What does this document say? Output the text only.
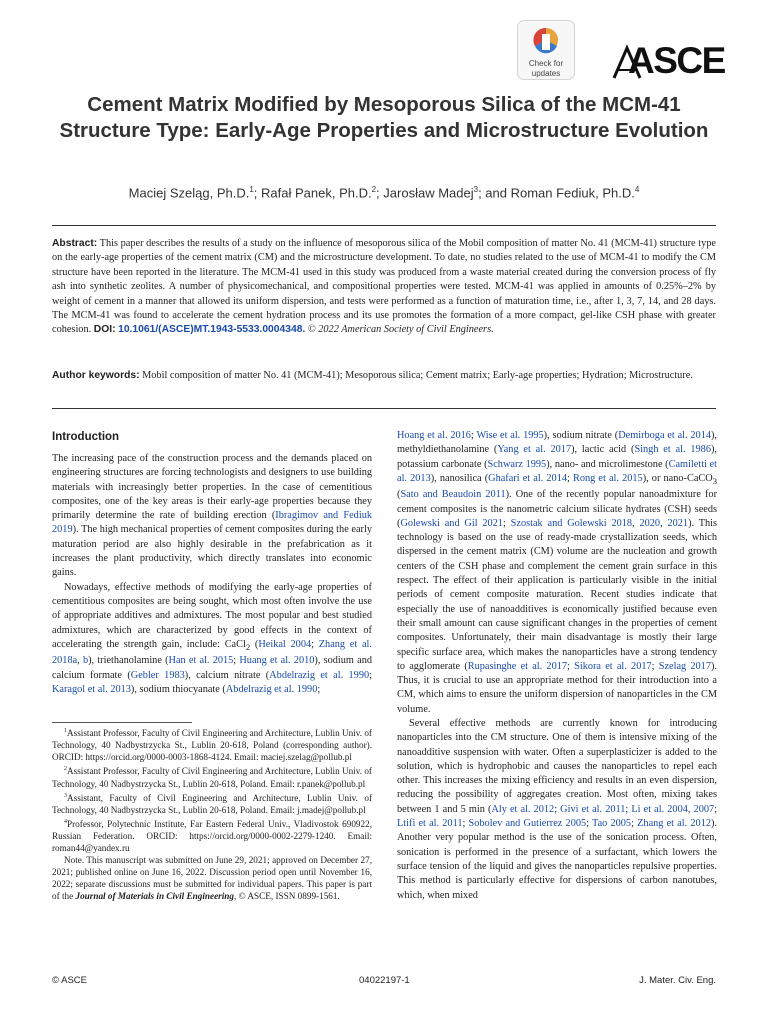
Check for
updates	ASCE
Cement Matrix Modified by Mesoporous Silica of the MCM-41 Structure Type: Early-Age Properties and Microstructure Evolution
Maciej Szeląg, Ph.D.$^1$; Rafał Panek, Ph.D.$^2$; Jarosław Madej$^3$; and Roman Fediuk, Ph.D.$^4$
Abstract: This paper describes the results of a study on the influence of mesoporous silica of the Mobil composition of matter No. 41 (MCM-41) structure type on the early-age properties of the cement matrix (CM) and the microstructure development. To date, no studies related to the use of MCM-41 to modify the CM structure have been reported in the literature. The MCM-41 used in this study was produced from a waste material created during the conversion process of fly ash into synthetic zeolites. A number of physicomechanical, and compositional properties were tested. MCM-41 was applied in amounts of 0.25%–2% by weight of cement in a manner that allowed its uniform dispersion, and tests were performed as a function of maturation time, i.e., after 1, 3, 7, 14, and 28 days. The MCM-41 was found to accelerate the cement hydration process and its use promotes the formation of a more compact, gel-like CSH phase with greater cohesion. DOI: 10.1061/(ASCE)MT.1943-5533.0004348. © 2022 American Society of Civil Engineers.
Author keywords: Mobil composition of matter No. 41 (MCM-41); Mesoporous silica; Cement matrix; Early-age properties; Hydration; Microstructure.
Introduction

The increasing pace of the construction process and the demands placed on engineering structures are forcing technologists and designers to use building materials with increasingly better properties. In the case of cementitious composites, one of the key areas is their early-age properties because they primarily determine the rate of building erection (Ibragimov and Fediuk 2019). The high mechanical properties of cement composites during the early maturation period are also highly desirable in the prefabrication as it increases the plant productivity, which directly translates into economic gains.

Nowadays, effective methods of modifying the early-age properties of cementitious composites are being sought, which most often involve the use of appropriate additives and admixtures. The most popular and best studied admixtures, which are characterized by good effects in the context of accelerating the strength gain, include: CaCl$_2$ (Heikal 2004; Zhang et al. 2018a, b), triethanolamine (Han et al. 2015; Huang et al. 2010), sodium and calcium formate (Gebler 1983), calcium nitrate (Abdelrazig et al. 1990; Karagol et al. 2013), sodium thiocyanate (Abdelrazig et al. 1990;

$^1$Assistant Professor, Faculty of Civil Engineering and Architecture, Lublin Univ. of Technology, 40 Nadbystrzycka St., Lublin 20-618, Poland (corresponding author). ORCID: https://orcid.org/0000-0003-1868-4124. Email: maciej.szelag@pollub.pl

$^2$Assistant Professor, Faculty of Civil Engineering and Architecture, Lublin Univ. of Technology, 40 Nadbystrzycka St., Lublin 20-618, Poland. Email: r.panek@pollub.pl

$^3$Assistant, Faculty of Civil Engineering and Architecture, Lublin Univ. of Technology, 40 Nadbystrzycka St., Lublin 20-618, Poland. Email: j.madej@pollub.pl

$^4$Professor, Polytechnic Institute, Far Eastern Federal Univ., Vladivostok 690922, Russian Federation. ORCID: https://orcid.org/0000-0002-2279-1240. Email: roman44@yandex.ru

Note. This manuscript was submitted on June 29, 2021; approved on December 27, 2021; published online on June 16, 2022. Discussion period open until November 16, 2022; separate discussions must be submitted for individual papers. This paper is part of the Journal of Materials in Civil Engineering, © ASCE, ISSN 0899-1561.

Hoang et al. 2016; Wise et al. 1995), sodium nitrate (Demirboga et al. 2014), methyldiethanolamine (Yang et al. 2017), lactic acid (Singh et al. 1986), potassium carbonate (Schwarz 1995), nano- and microlimestone (Camiletti et al. 2013), nanosilica (Ghafari et al. 2014; Rong et al. 2015), or nano-CaCO$_3$ (Sato and Beaudoin 2011). One of the recently popular nanoadmixture for cement composites is the nanometric calcium silicate hydrates (CSH) seeds (Golewski and Gil 2021; Szostak and Golewski 2018, 2020, 2021). This technology is based on the use of ready-made crystallization seeds, which dispersed in the cement matrix (CM) volume are the nucleation and growth centers of the CSH phase and complement the cement grain surface in this respect. The effect of their application is particularly visible in the initial periods of cement composite maturation. Recent studies indicate that especially the use of nanoadditives is economically justified because even their small amount can cause significant changes in the properties of cement composites. Unfortunately, their main disadvantage is mostly their large specific surface area, which makes the nanoparticles have a strong tendency to agglomerate (Rupasinghe et al. 2017; Sikora et al. 2017; Szelag 2017). Thus, it is crucial to use an appropriate method for their introduction into a CM, which aims to ensure the uniform dispersion of nanoparticles in the CM volume.

Several effective methods are currently known for introducing nanoparticles into the CM structure. One of them is intensive mixing of the nanoadditive suspension with water. Often a superplasticizer is added to the solution, which is hydrophobic and causes the nanoparticles to repel each other. This increases the mixing efficiency and results in an even dispersion, reducing the possibility of aggregates creation. Most often, mixing takes between 1 and 5 min (Aly et al. 2012; Givi et al. 2011; Li et al. 2004, 2007; Ltifi et al. 2011; Sobolev and Gutierrez 2005; Tao 2005; Zhang et al. 2012). Another very popular method is the use of the sonication process. Often, sonication is performed in the presence of a surfactant, which lowers the surface tension of the liquid and gives the nanoparticles repulsive properties. This method is particularly effective for dispersions of carbon nanotubes, which, when mixed

© ASCE	04022197-1	J. Mater. Civ. Eng.
